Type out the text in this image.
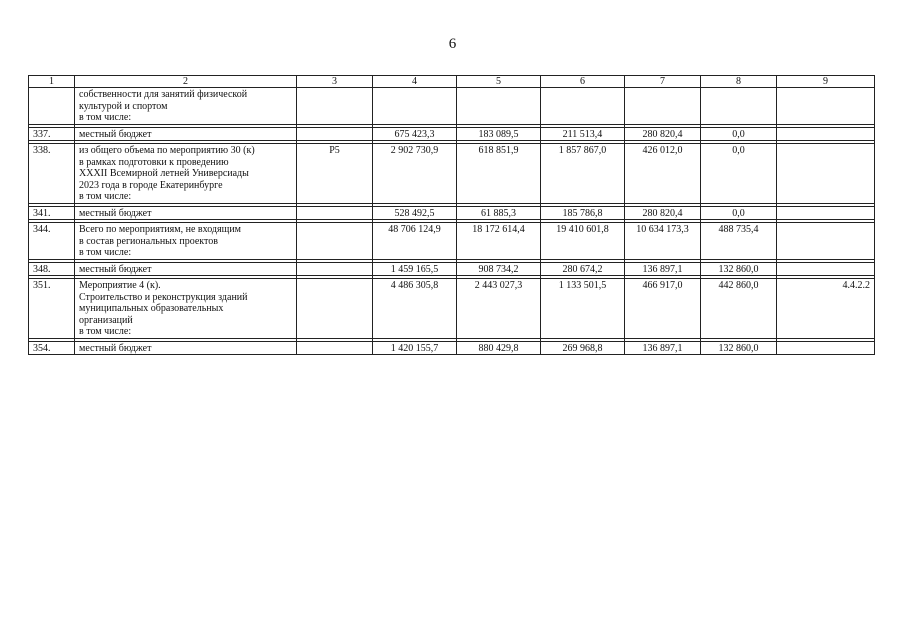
6
1	2	3	4	5	6	7	8	9

	собственности для занятий физической
культурой и спортом
в том числе:							

337.	местный бюджет		675 423,3	183 089,5	211 513,4	280 820,4	0,0	

338.	из общего объема по мероприятию 30 (к)
в рамках подготовки к проведению
XXXII Всемирной летней Универсиады
2023 года в городе Екатеринбурге
в том числе:	Р5	2 902 730,9	618 851,9	1 857 867,0	426 012,0	0,0	

341.	местный бюджет		528 492,5	61 885,3	185 786,8	280 820,4	0,0	

344.	Всего по мероприятиям, не входящим
в состав региональных проектов
в том числе:		48 706 124,9	18 172 614,4	19 410 601,8	10 634 173,3	488 735,4	

348.	местный бюджет		1 459 165,5	908 734,2	280 674,2	136 897,1	132 860,0	

351.	Мероприятие 4 (к).
Строительство и реконструкция зданий
муниципальных образовательных
организаций
в том числе:		4 486 305,8	2 443 027,3	1 133 501,5	466 917,0	442 860,0	4.4.2.2

354.	местный бюджет		1 420 155,7	880 429,8	269 968,8	136 897,1	132 860,0	
